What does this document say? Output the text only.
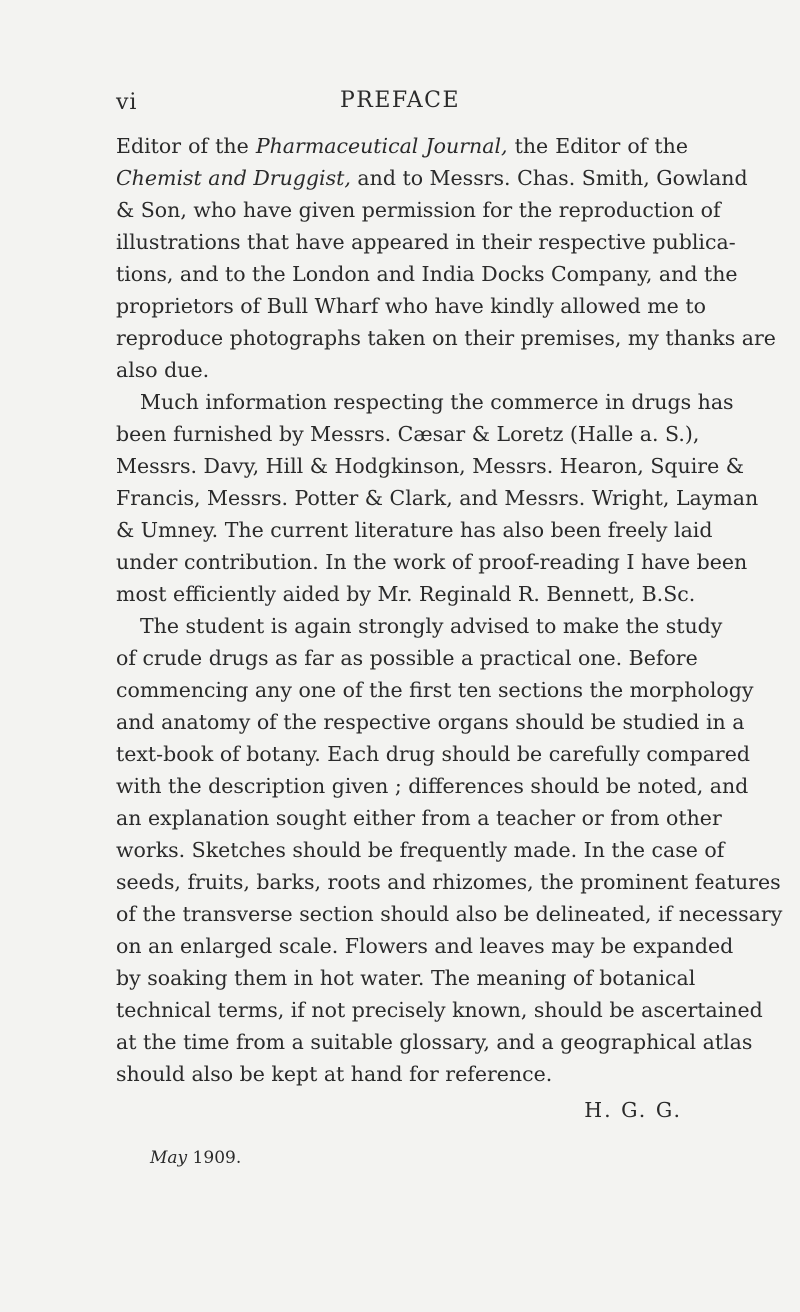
vi	PREFACE
Editor of the Pharmaceutical Journal, the Editor of the
Chemist and Druggist, and to Messrs. Chas. Smith, Gowland
& Son, who have given permission for the reproduction of
illustrations that have appeared in their respective publica-
tions, and to the London and India Docks Company, and the
proprietors of Bull Wharf who have kindly allowed me to
reproduce photographs taken on their premises, my thanks are
also due.
Much information respecting the commerce in drugs has
been furnished by Messrs. Cæsar & Loretz (Halle a. S.),
Messrs. Davy, Hill & Hodgkinson, Messrs. Hearon, Squire &
Francis, Messrs. Potter & Clark, and Messrs. Wright, Layman
& Umney. The current literature has also been freely laid
under contribution. In the work of proof-reading I have been
most efficiently aided by Mr. Reginald R. Bennett, B.Sc.
The student is again strongly advised to make the study
of crude drugs as far as possible a practical one. Before
commencing any one of the first ten sections the morphology
and anatomy of the respective organs should be studied in a
text-book of botany. Each drug should be carefully compared
with the description given ; differences should be noted, and
an explanation sought either from a teacher or from other
works. Sketches should be frequently made. In the case of
seeds, fruits, barks, roots and rhizomes, the prominent features
of the transverse section should also be delineated, if necessary
on an enlarged scale. Flowers and leaves may be expanded
by soaking them in hot water. The meaning of botanical
technical terms, if not precisely known, should be ascertained
at the time from a suitable glossary, and a geographical atlas
should also be kept at hand for reference.
H. G. G.
May 1909.
